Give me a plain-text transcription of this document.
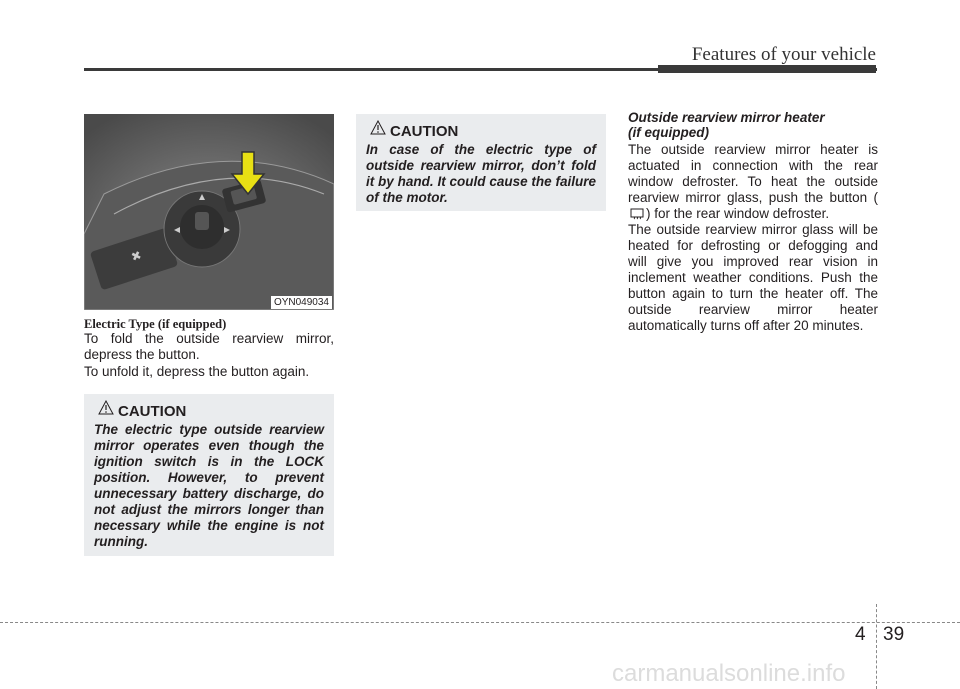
Features of your vehicle
✖
OYN049034
Electric Type (if equipped)
To fold the outside rearview mirror, depress the button.
To unfold it, depress the button again.
CAUTION
The electric type outside rearview mirror operates even though the ignition switch is in the LOCK position. However, to prevent unnecessary battery discharge, do not adjust the mirrors longer than necessary while the engine is not running.
CAUTION
In case of the electric type of outside rearview mirror, don’t fold it by hand. It could cause the failure of the motor.
Outside rearview mirror heater
(if equipped)
The outside rearview mirror heater is actuated in connection with the rear window defroster. To heat the outside rearview mirror glass, push the button () for the rear window defroster.
The outside rearview mirror glass will be heated for defrosting or defogging and will give you improved rear vision in inclement weather conditions. Push the button again to turn the heater off. The outside rearview mirror heater automatically turns off after 20 minutes.
4 39
carmanualsonline.info
